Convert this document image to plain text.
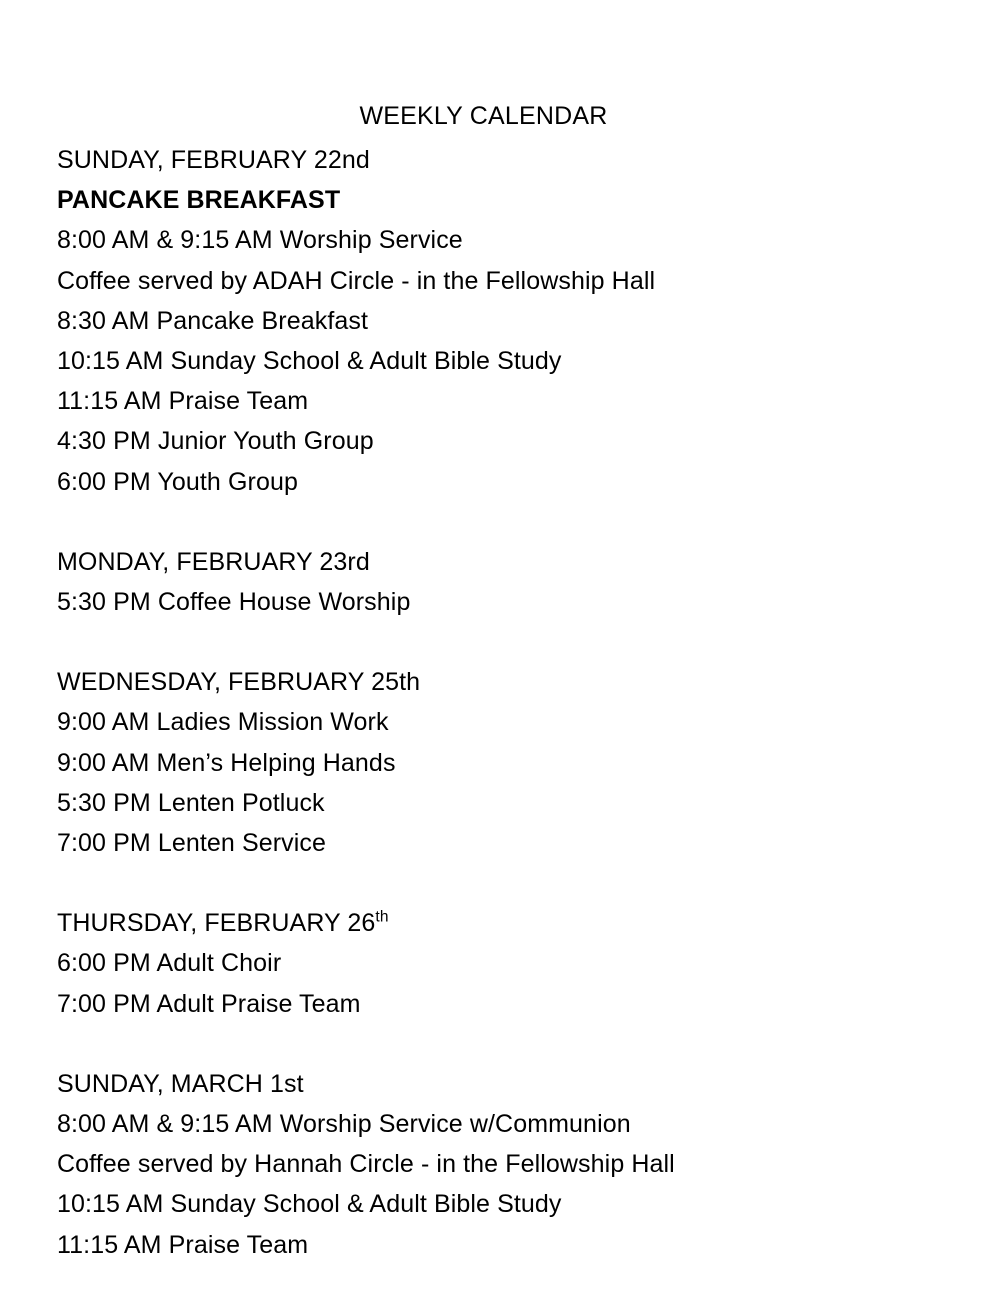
WEEKLY CALENDAR
SUNDAY, FEBRUARY 22nd
PANCAKE BREAKFAST
8:00 AM & 9:15 AM Worship Service
Coffee served by ADAH Circle - in the Fellowship Hall
8:30 AM Pancake Breakfast
10:15 AM Sunday School & Adult Bible Study
11:15 AM Praise Team
4:30 PM Junior Youth Group
6:00 PM Youth Group
MONDAY, FEBRUARY 23rd
5:30 PM Coffee House Worship
WEDNESDAY, FEBRUARY 25th
9:00 AM Ladies Mission Work
9:00 AM Men’s Helping Hands
5:30 PM Lenten Potluck
7:00 PM Lenten Service
THURSDAY, FEBRUARY 26th
6:00 PM Adult Choir
7:00 PM Adult Praise Team
SUNDAY, MARCH 1st
8:00 AM & 9:15 AM Worship Service w/Communion
Coffee served by Hannah Circle - in the Fellowship Hall
10:15 AM Sunday School & Adult Bible Study
11:15 AM Praise Team
